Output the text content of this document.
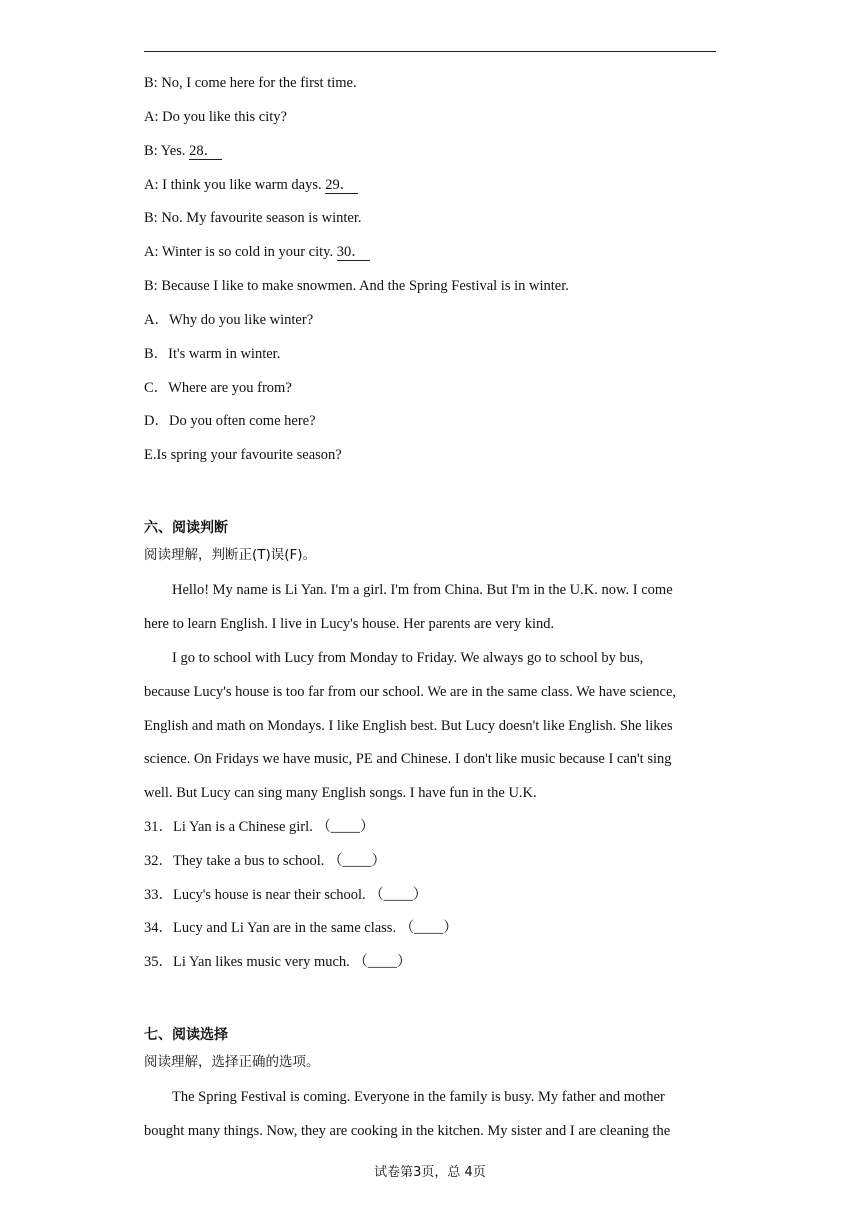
B: No, I come here for the first time.
A: Do you like this city?
B: Yes. 28．
A: I think you like warm days. 29．
B: No. My favourite season is winter.
A: Winter is so cold in your city. 30．
B: Because I like to make snowmen. And the Spring Festival is in winter.
A．Why do you like winter?
B．It's warm in winter.
C．Where are you from?
D．Do you often come here?
E.Is spring your favourite season?
六、阅读判断
阅读理解，判断正(T)误(F)。
Hello! My name is Li Yan. I'm a girl. I'm from China. But I'm in the U.K. now. I come
here to learn English. I live in Lucy's house. Her parents are very kind.
I go to school with Lucy from Monday to Friday. We always go to school by bus,
because Lucy's house is too far from our school. We are in the same class. We have science,
English and math on Mondays. I like English best. But Lucy doesn't like English. She likes
science. On Fridays we have music, PE and Chinese. I don't like music because I can't sing
well. But Lucy can sing many English songs. I have fun in the U.K.
31．Li Yan is a Chinese girl. （____）
32．They take a bus to school. （____）
33．Lucy's house is near their school. （____）
34．Lucy and Li Yan are in the same class. （____）
35．Li Yan likes music very much. （____）
七、阅读选择
阅读理解，选择正确的选项。
The Spring Festival is coming. Everyone in the family is busy. My father and mother
bought many things. Now, they are cooking in the kitchen. My sister and I are cleaning the
试卷第3页，总 4页
